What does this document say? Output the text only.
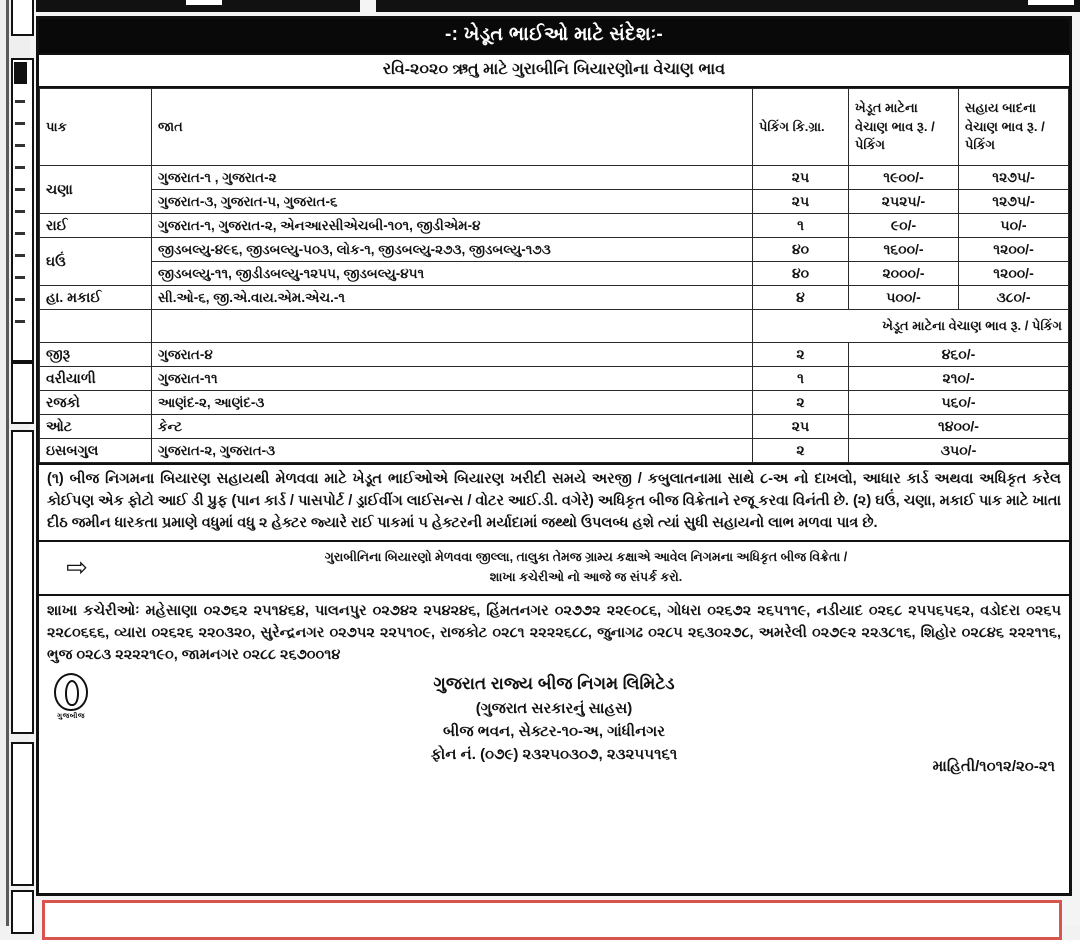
-: ખેડૂત ભાઈઓ માટે સંદેશઃ-
રવિ-૨૦૨૦ ઋતુ માટે ગુરાબીનિ બિયારણોના વેચાણ ભાવ
પાક	જાત	પેકિંગ કિ.ગ્રા.	ખેડૂત માટેના વેચાણ ભાવ રૂ. / પેકિંગ	સહાય બાદના વેચાણ ભાવ રૂ. / પેકિંગ
ચણા	ગુજરાત-૧ , ગુજરાત-૨	૨૫	૧૯૦૦/-	૧૨૭૫/-
	ગુજરાત-૩, ગુજરાત-૫, ગુજરાત-૬	૨૫	૨૫૨૫/-	૧૨૭૫/-
રાઈ	ગુજરાત-૧, ગુજરાત-૨, એનઆરસીએચબી-૧૦૧, જીડીએમ-૪	૧	૯૦/-	૫૦/-
ઘઉં	જીડબલ્યુ-૪૯૬, જીડબલ્યુ-૫૦૩, લોક-૧, જીડબલ્યુ-૨૭૩, જીડબલ્યુ-૧૭૩	૪૦	૧૬૦૦/-	૧૨૦૦/-
	જીડબલ્યુ-૧૧, જીડીડબલ્યુ-૧૨૫૫, જીડબલ્યુ-૪૫૧	૪૦	૨૦૦૦/-	૧૨૦૦/-
હા. મકાઈ	સી.ઓ-૬, જી.એ.વાય.એમ.એચ.-૧	૪	૫૦૦/-	૩૮૦/-
		ખેડૂત માટેના વેચાણ ભાવ રૂ. / પેકિંગ		
જીરૂ	ગુજરાત-૪	૨	૪૬૦/-	
વરીયાળી	ગુજરાત-૧૧	૧	૨૧૦/-	
રજકો	આણંદ-૨, આણંદ-૩	૨	૫૬૦/-	
ઓટ	કેન્ટ	૨૫	૧૪૦૦/-	
ઇસબગુલ	ગુજરાત-૨, ગુજરાત-૩	૨	૩૫૦/-	
(૧) બીજ નિગમના બિયારણ સહાયથી મેળવવા માટે ખેડૂત ભાઈઓએ બિયારણ ખરીદી સમયે અરજી / કબુલાતનામા સાથે ૮-અ નો દાખલો, આધાર કાર્ડ અથવા અધિકૃત કરેલ કોઈપણ એક ફોટો આઈ ડી પ્રુફ (પાન કાર્ડ / પાસપોર્ટ / ડ્રાઈવીંગ લાઈસન્સ / વોટર આઈ.ડી. વગેરે) અધિકૃત બીજ વિક્રેતાને રજૂ કરવા વિનંતી છે. (૨) ઘઉં, ચણા, મકાઈ પાક માટે ખાતા દીઠ જમીન ધારકતા પ્રમાણે વધુમાં વધુ ૨ હેક્ટર જ્યારે રાઈ પાકમાં ૫ હેક્ટરની મર્યાદામાં જથ્થો ઉપલબ્ધ હશે ત્યાં સુધી સહાયનો લાભ મળવા પાત્ર છે.
⇨	ગુરાબીનિના બિયારણો મેળવવા જીલ્લા, તાલુકા તેમજ ગ્રામ્ય કક્ષાએ આવેલ નિગમના અધિકૃત બીજ વિક્રેતા /
શાખા કચેરીઓ નો આજે જ સંપર્ક કરો.
શાખા કચેરીઓઃ મહેસાણા ૦૨૭૬૨ ૨૫૧૪૬૪, પાલનપુર ૦૨૭૪૨ ૨૫૪૨૪૬, હિંમતનગર ૦૨૭૭૨ ૨૨૯૦૮૬, ગોધરા ૦૨૬૭૨ ૨૬૫૧૧૯, નડીયાદ ૦૨૬૮ ૨૫૫૬૫૬૨, વડોદરા ૦૨૬૫ ૨૨૮૦૬૬૬, વ્યારા ૦૨૬૨૬ ૨૨૦૩૨૦, સુરેન્દ્રનગર ૦૨૭૫૨ ૨૨૫૧૦૯, રાજકોટ ૦૨૮૧ ૨૨૨૨૬૮૮, જુનાગઢ ૦૨૮૫ ૨૬૩૦૨૭૮, અમરેલી ૦૨૭૯૨ ૨૨૩૮૧૬, શિહોર ૦૨૮૪૬ ૨૨૨૧૧૬, ભુજ ૦૨૮૩ ૨૨૨૨૧૯૦, જામનગર ૦૨૮૮ ૨૬૭૦૦૧૪
ગુજબીજ
ગુજરાત રાજ્ય બીજ નિગમ લિમિટેડ
(ગુજરાત સરકારનું સાહસ)
બીજ ભવન, સેક્ટર-૧૦-અ, ગાંધીનગર
ફોન નં. (૦૭૯) ૨૩૨૫૦૩૦૭, ૨૩૨૫૫૧૬૧
માહિતી/૧૦૧૨/૨૦-૨૧
